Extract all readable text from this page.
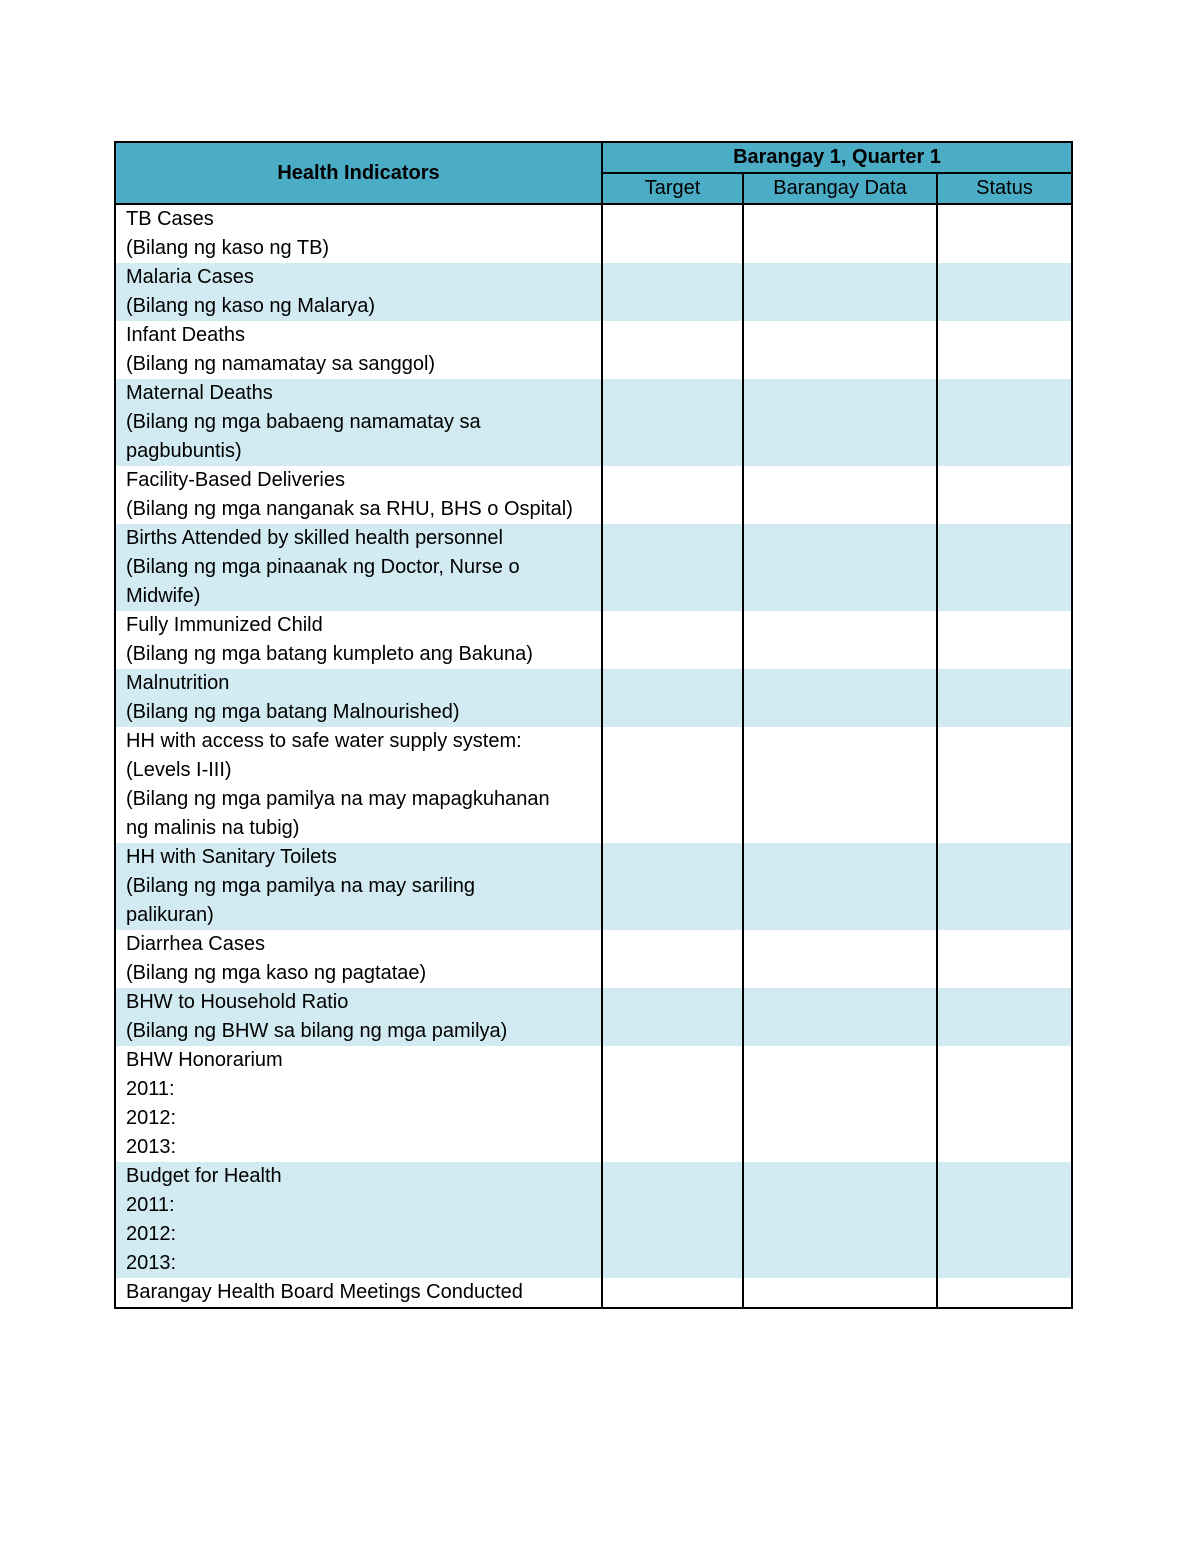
Health Indicators	Barangay 1, Quarter 1		
	Target	Barangay Data	Status

TB Cases
(Bilang ng kaso ng TB)			

Malaria Cases
(Bilang ng kaso ng Malarya)			

Infant Deaths
(Bilang ng namamatay sa sanggol)			

Maternal Deaths
(Bilang ng mga babaeng namamatay sa
pagbubuntis)			

Facility-Based Deliveries
(Bilang ng mga nanganak sa RHU, BHS o Ospital)			

Births Attended by skilled health personnel
(Bilang ng mga pinaanak ng Doctor, Nurse o
Midwife)			

Fully Immunized Child
(Bilang ng mga batang kumpleto ang Bakuna)			

Malnutrition
(Bilang ng mga batang Malnourished)			

HH with access to safe water supply system:
(Levels I-III)
(Bilang ng mga pamilya na may mapagkuhanan
ng malinis na tubig)			

HH with Sanitary Toilets
(Bilang ng mga pamilya na may sariling
palikuran)			

Diarrhea Cases
(Bilang ng mga kaso ng pagtatae)			

BHW to Household Ratio
(Bilang ng BHW sa bilang ng mga pamilya)			

BHW Honorarium
2011:
2012:
2013:			

Budget for Health
2011:
2012:
2013:			

Barangay Health Board Meetings Conducted			
